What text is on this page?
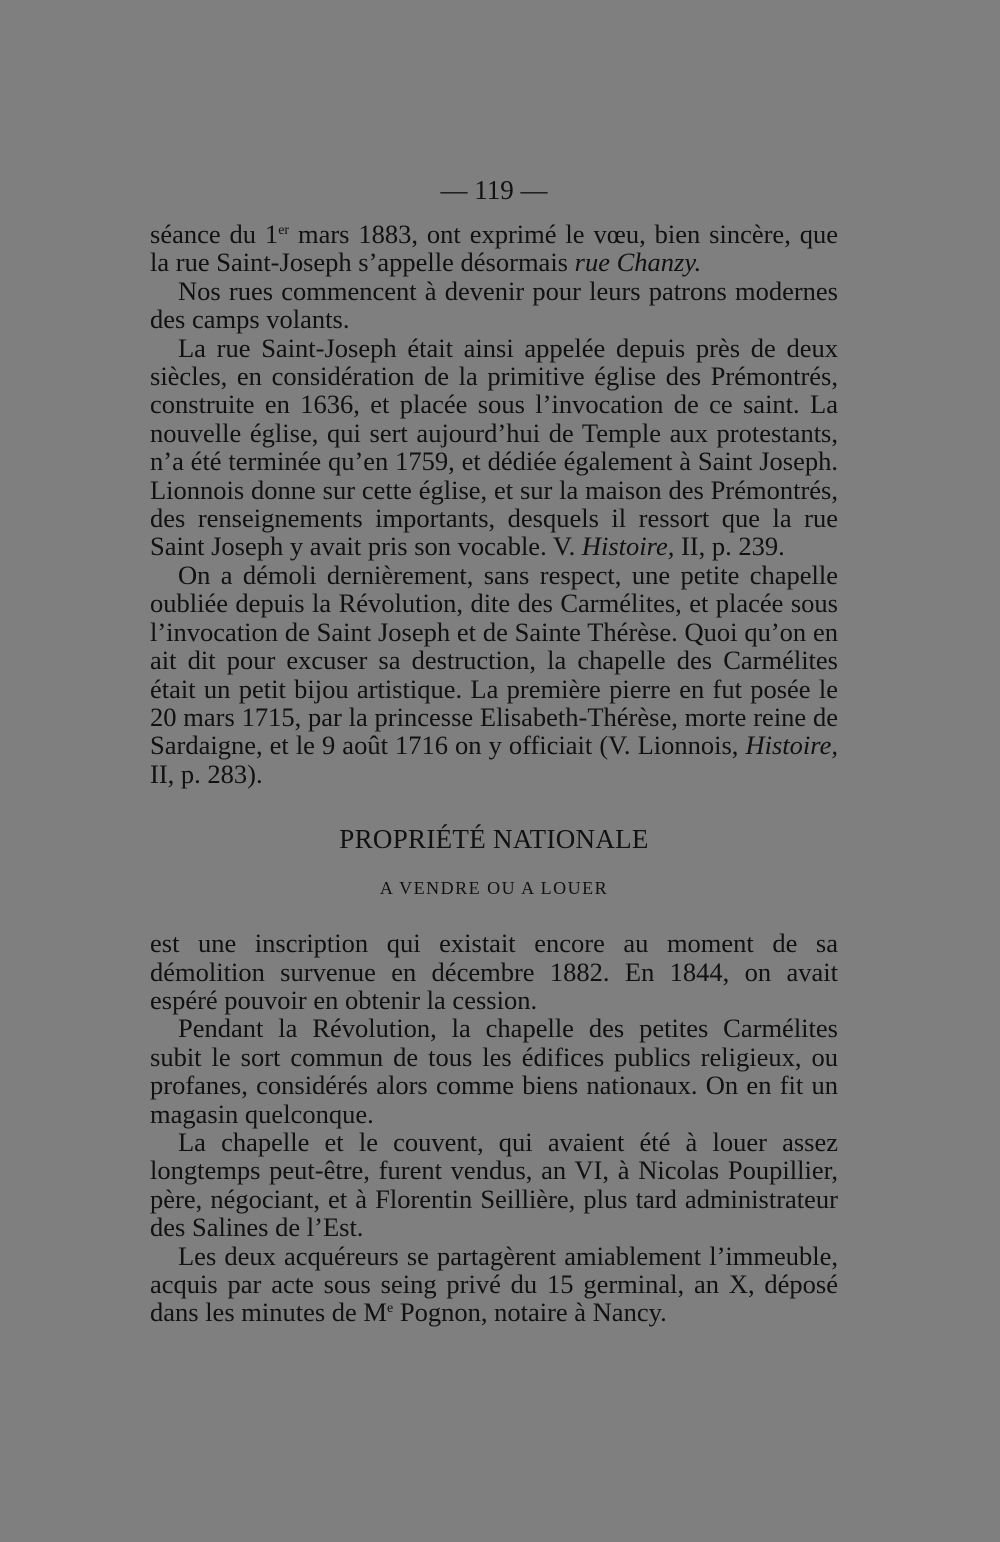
— 119 —

séance du 1er mars 1883, ont exprimé le vœu, bien sincère, que la rue Saint-Joseph s’appelle désormais rue Chanzy.

Nos rues commencent à devenir pour leurs patrons modernes des camps volants.

La rue Saint-Joseph était ainsi appelée depuis près de deux siècles, en considération de la primitive église des Prémontrés, construite en 1636, et placée sous l’invocation de ce saint. La nouvelle église, qui sert aujourd’hui de Temple aux protestants, n’a été terminée qu’en 1759, et dédiée également à Saint Joseph. Lionnois donne sur cette église, et sur la maison des Prémontrés, des renseignements importants, desquels il ressort que la rue Saint Joseph y avait pris son vocable. V. Histoire, II, p. 239.

On a démoli dernièrement, sans respect, une petite chapelle oubliée depuis la Révolution, dite des Carmélites, et placée sous l’invocation de Saint Joseph et de Sainte Thérèse. Quoi qu’on en ait dit pour excuser sa destruction, la chapelle des Carmélites était un petit bijou artistique. La première pierre en fut posée le 20 mars 1715, par la princesse Elisabeth-Thérèse, morte reine de Sardaigne, et le 9 août 1716 on y officiait (V. Lionnois, Histoire, II, p. 283).

PROPRIÉTÉ NATIONALE
A VENDRE OU A LOUER

est une inscription qui existait encore au moment de sa démolition survenue en décembre 1882. En 1844, on avait espéré pouvoir en obtenir la cession.

Pendant la Révolution, la chapelle des petites Carmélites subit le sort commun de tous les édifices publics religieux, ou profanes, considérés alors comme biens nationaux. On en fit un magasin quelconque.

La chapelle et le couvent, qui avaient été à louer assez longtemps peut-être, furent vendus, an VI, à Nicolas Poupillier, père, négociant, et à Florentin Seillière, plus tard administrateur des Salines de l’Est.

Les deux acquéreurs se partagèrent amiablement l’immeuble, acquis par acte sous seing privé du 15 germinal, an X, déposé dans les minutes de Me Pognon, notaire à Nancy.
